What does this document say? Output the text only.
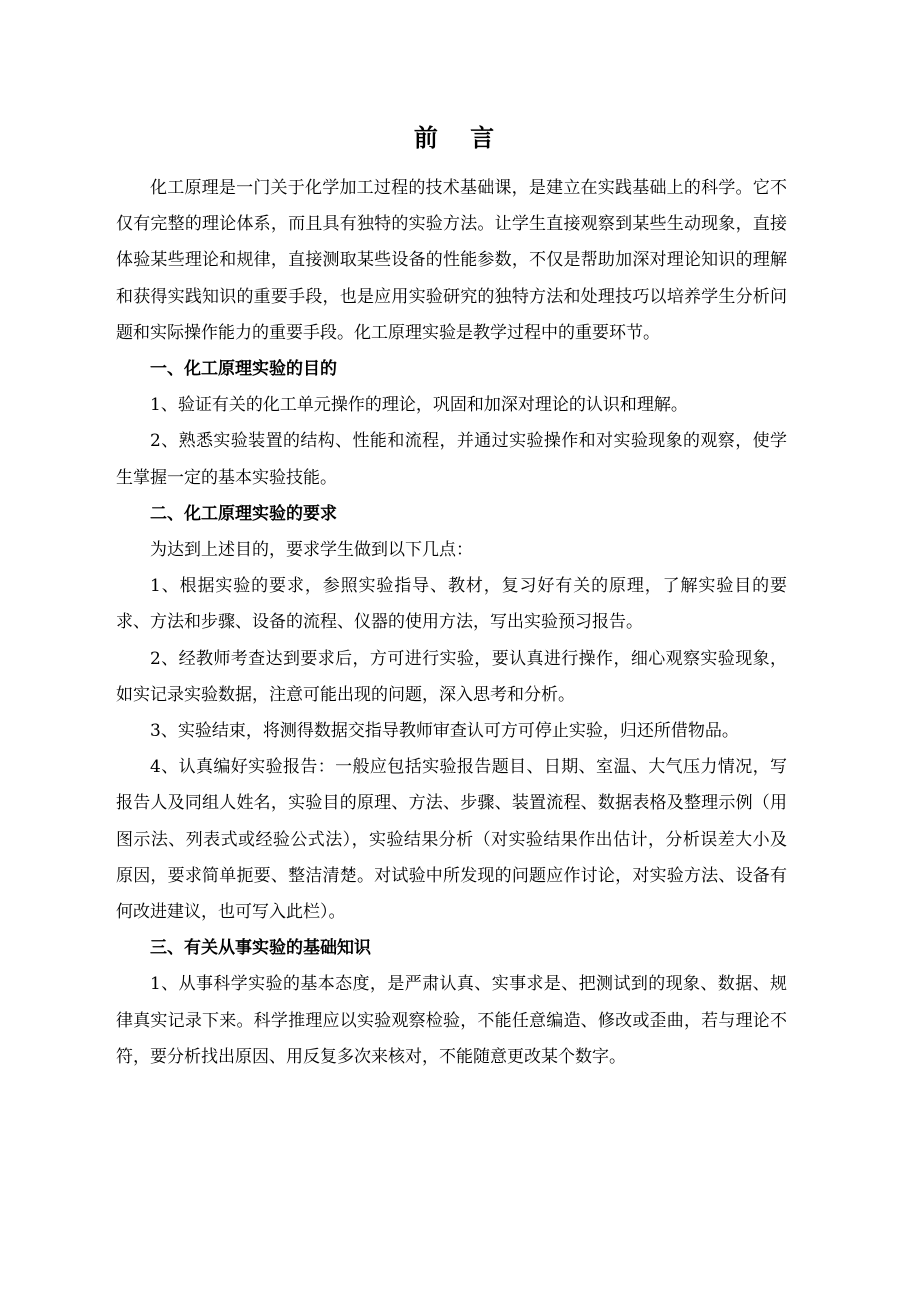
前 言

化工原理是一门关于化学加工过程的技术基础课，是建立在实践基础上的科学。它不仅有完整的理论体系，而且具有独特的实验方法。让学生直接观察到某些生动现象，直接体验某些理论和规律，直接测取某些设备的性能参数，不仅是帮助加深对理论知识的理解和获得实践知识的重要手段，也是应用实验研究的独特方法和处理技巧以培养学生分析问题和实际操作能力的重要手段。化工原理实验是教学过程中的重要环节。

一、化工原理实验的目的

1、验证有关的化工单元操作的理论，巩固和加深对理论的认识和理解。

2、熟悉实验装置的结构、性能和流程，并通过实验操作和对实验现象的观察，使学生掌握一定的基本实验技能。

二、化工原理实验的要求

为达到上述目的，要求学生做到以下几点：

1、根据实验的要求，参照实验指导、教材，复习好有关的原理，了解实验目的要求、方法和步骤、设备的流程、仪器的使用方法，写出实验预习报告。

2、经教师考查达到要求后，方可进行实验，要认真进行操作，细心观察实验现象，如实记录实验数据，注意可能出现的问题，深入思考和分析。

3、实验结束，将测得数据交指导教师审查认可方可停止实验，归还所借物品。

4、认真编好实验报告：一般应包括实验报告题目、日期、室温、大气压力情况，写报告人及同组人姓名，实验目的原理、方法、步骤、装置流程、数据表格及整理示例（用图示法、列表式或经验公式法），实验结果分析（对实验结果作出估计，分析误差大小及原因，要求简单扼要、整洁清楚。对试验中所发现的问题应作讨论，对实验方法、设备有何改进建议，也可写入此栏）。

三、有关从事实验的基础知识

1、从事科学实验的基本态度，是严肃认真、实事求是、把测试到的现象、数据、规律真实记录下来。科学推理应以实验观察检验，不能任意编造、修改或歪曲，若与理论不符，要分析找出原因、用反复多次来核对，不能随意更改某个数字。
